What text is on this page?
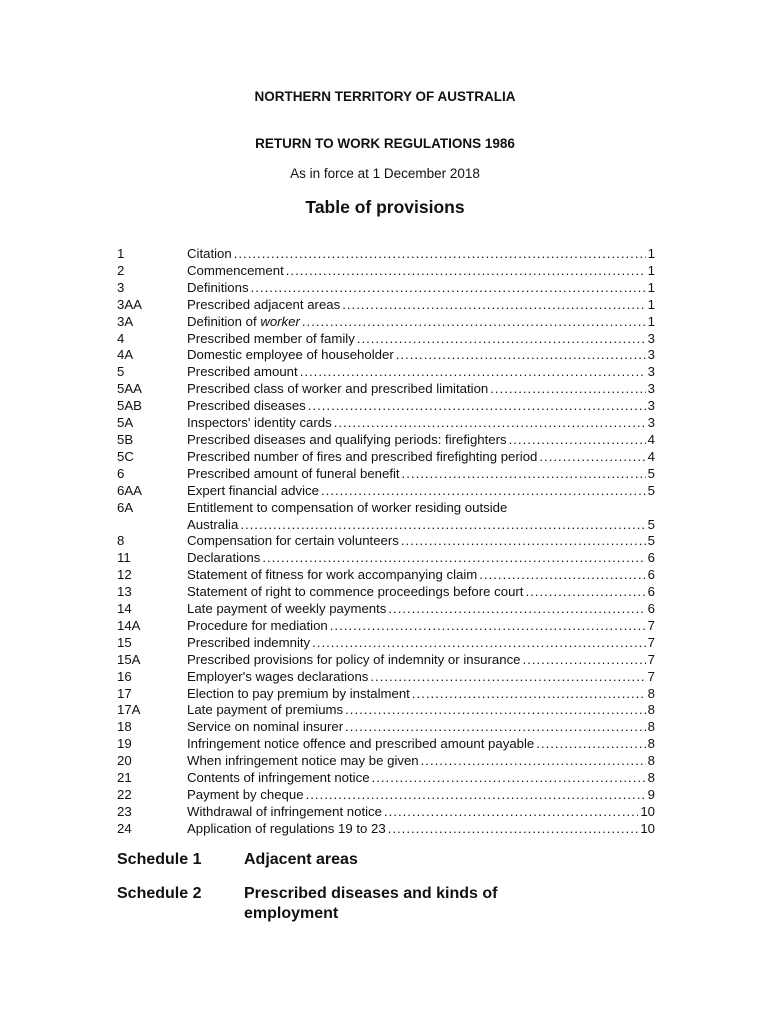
NORTHERN TERRITORY OF AUSTRALIA
RETURN TO WORK REGULATIONS 1986
As in force at 1 December 2018
Table of provisions
1	Citation .....	1
2	Commencement .....	1
3	Definitions .....	1
3AA	Prescribed adjacent areas .....	1
3A	Definition of worker .....	1
4	Prescribed member of family .....	3
4A	Domestic employee of householder .....	3
5	Prescribed amount .....	3
5AA	Prescribed class of worker and prescribed limitation .....	3
5AB	Prescribed diseases .....	3
5A	Inspectors' identity cards .....	3
5B	Prescribed diseases and qualifying periods: firefighters .....	4
5C	Prescribed number of fires and prescribed firefighting period .....	4
6	Prescribed amount of funeral benefit .....	5
6AA	Expert financial advice .....	5
6A	Entitlement to compensation of worker residing outside
Australia .....	5
8	Compensation for certain volunteers .....	5
11	Declarations .....	6
12	Statement of fitness for work accompanying claim .....	6
13	Statement of right to commence proceedings before court .....	6
14	Late payment of weekly payments .....	6
14A	Procedure for mediation .....	7
15	Prescribed indemnity .....	7
15A	Prescribed provisions for policy of indemnity or insurance .....	7
16	Employer's wages declarations .....	7
17	Election to pay premium by instalment .....	8
17A	Late payment of premiums .....	8
18	Service on nominal insurer .....	8
19	Infringement notice offence and prescribed amount payable .....	8
20	When infringement notice may be given .....	8
21	Contents of infringement notice .....	8
22	Payment by cheque .....	9
23	Withdrawal of infringement notice .....	10
24	Application of regulations 19 to 23 .....	10
Schedule 1	Adjacent areas
Schedule 2	Prescribed diseases and kinds of
employment
